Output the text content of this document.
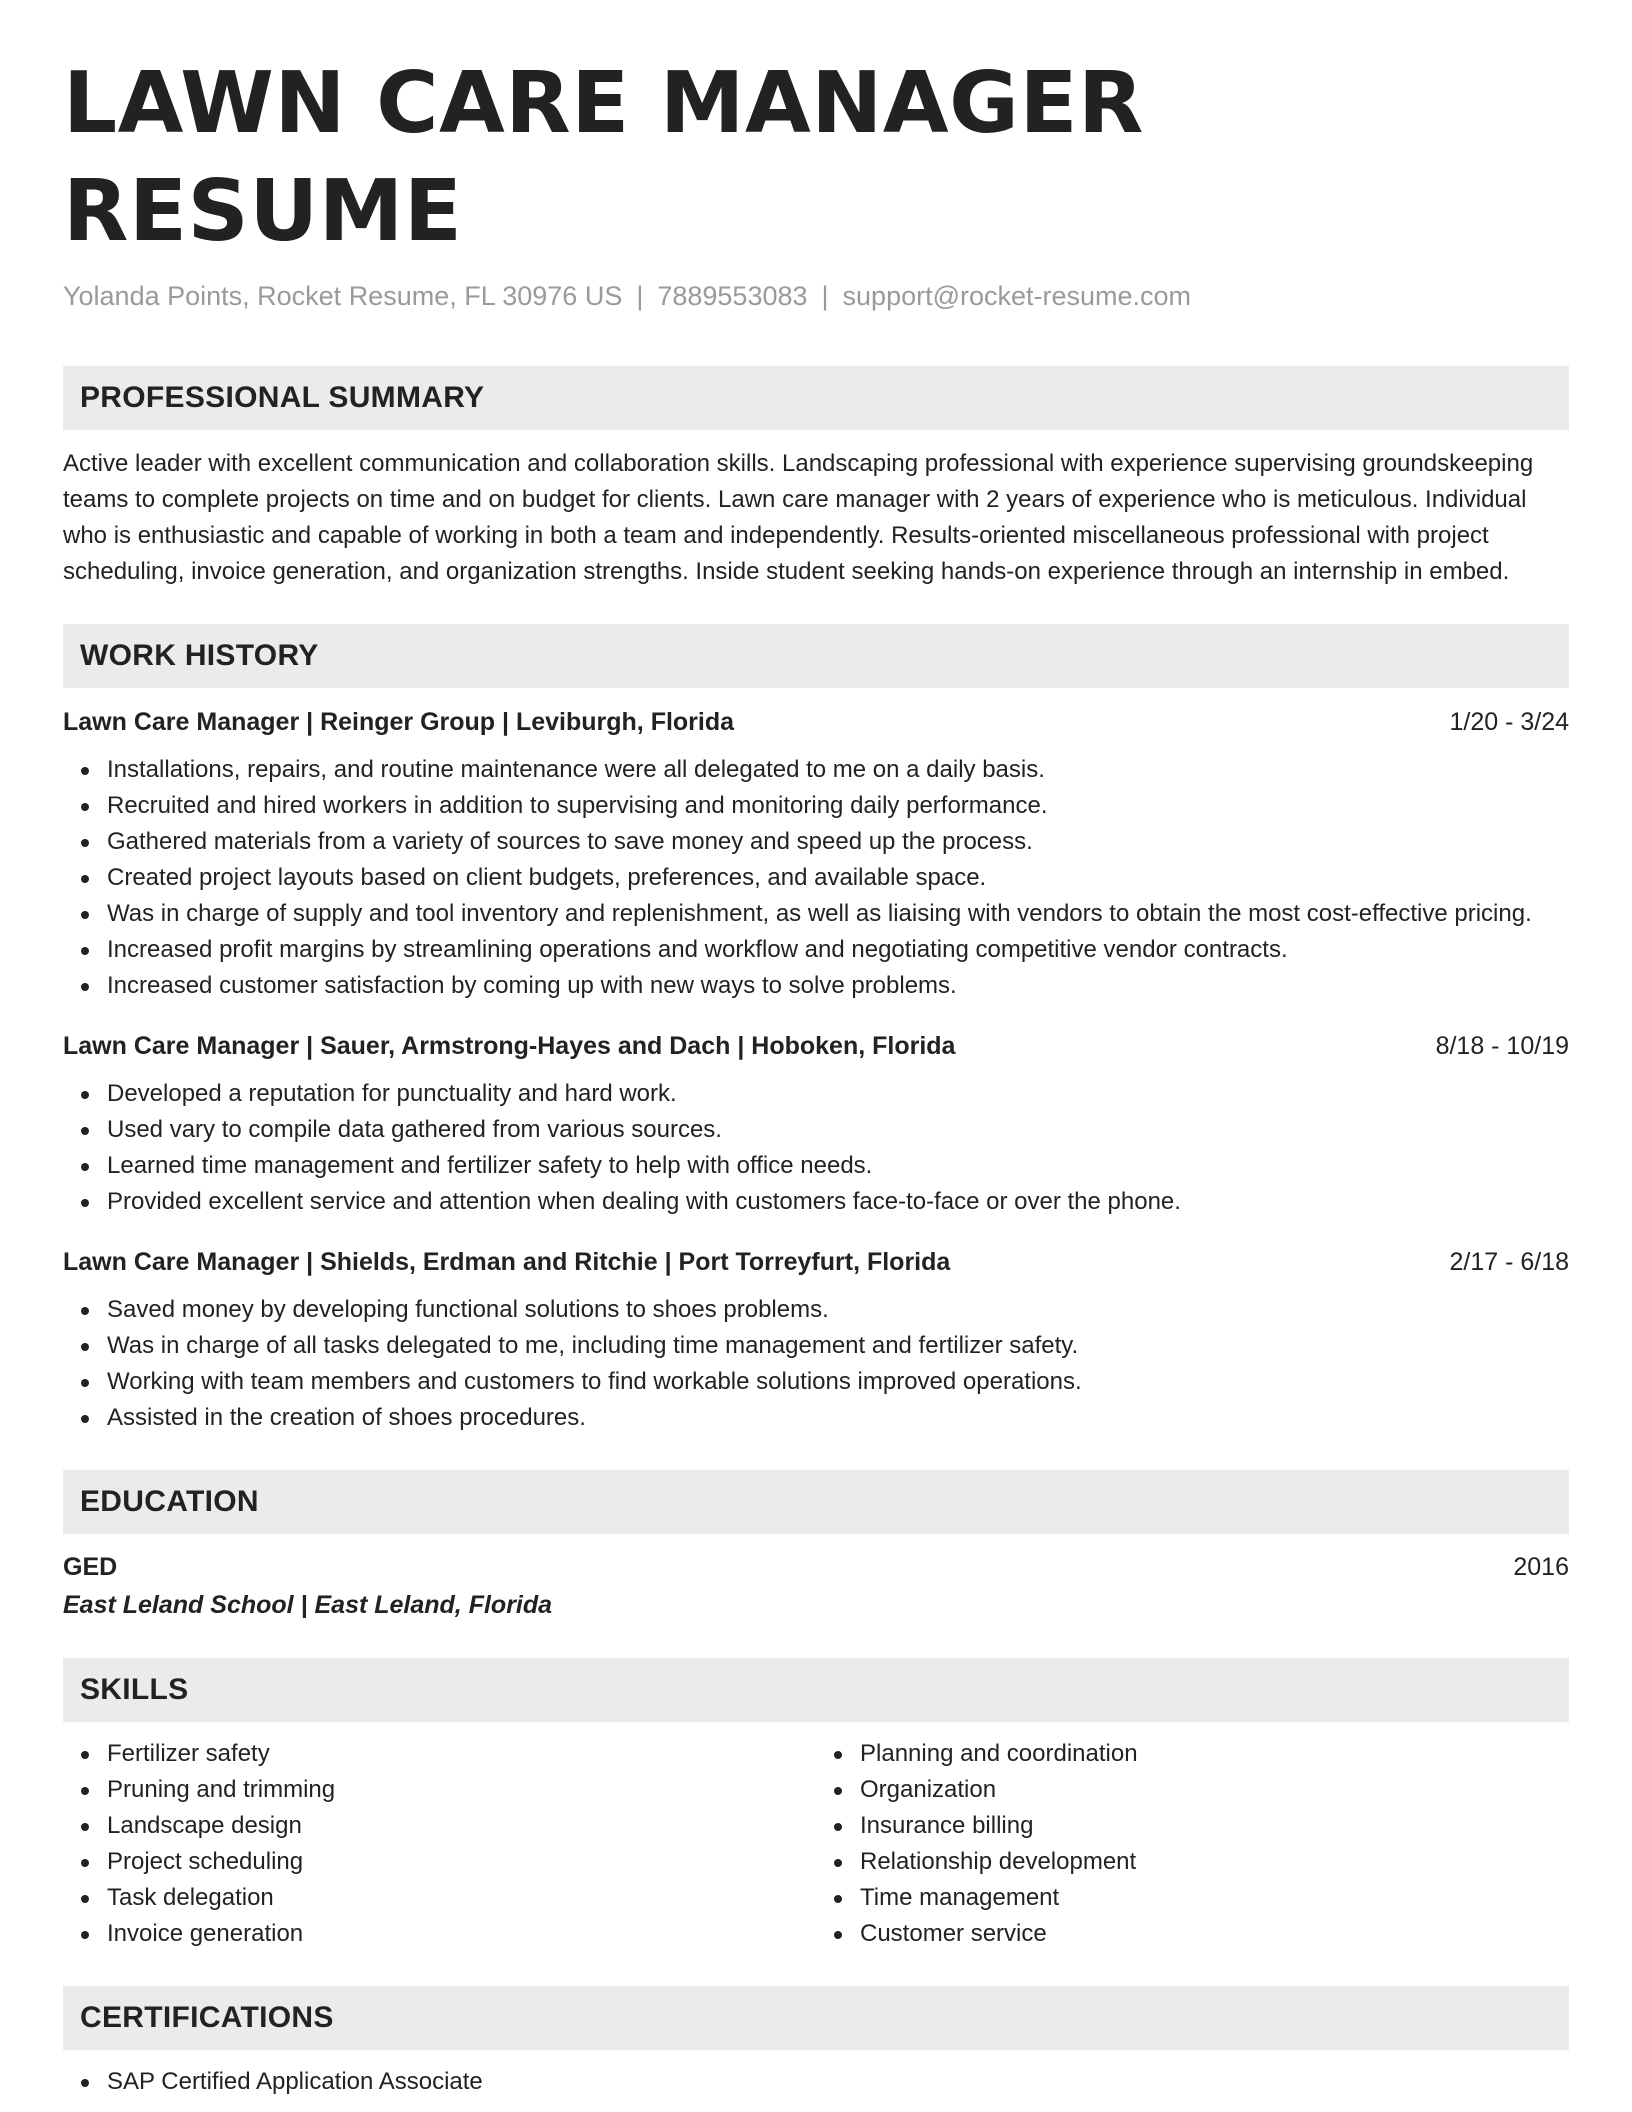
LAWN CARE MANAGER RESUME
Yolanda Points, Rocket Resume, FL 30976 US | 7889553083 | support@rocket-resume.com
PROFESSIONAL SUMMARY
Active leader with excellent communication and collaboration skills. Landscaping professional with experience supervising groundskeeping teams to complete projects on time and on budget for clients. Lawn care manager with 2 years of experience who is meticulous. Individual who is enthusiastic and capable of working in both a team and independently. Results-oriented miscellaneous professional with project scheduling, invoice generation, and organization strengths. Inside student seeking hands-on experience through an internship in embed.
WORK HISTORY
Lawn Care Manager | Reinger Group | Leviburgh, Florida	1/20 - 3/24
Installations, repairs, and routine maintenance were all delegated to me on a daily basis.
Recruited and hired workers in addition to supervising and monitoring daily performance.
Gathered materials from a variety of sources to save money and speed up the process.
Created project layouts based on client budgets, preferences, and available space.
Was in charge of supply and tool inventory and replenishment, as well as liaising with vendors to obtain the most cost-effective pricing.
Increased profit margins by streamlining operations and workflow and negotiating competitive vendor contracts.
Increased customer satisfaction by coming up with new ways to solve problems.
Lawn Care Manager | Sauer, Armstrong-Hayes and Dach | Hoboken, Florida	8/18 - 10/19
Developed a reputation for punctuality and hard work.
Used vary to compile data gathered from various sources.
Learned time management and fertilizer safety to help with office needs.
Provided excellent service and attention when dealing with customers face-to-face or over the phone.
Lawn Care Manager | Shields, Erdman and Ritchie | Port Torreyfurt, Florida	2/17 - 6/18
Saved money by developing functional solutions to shoes problems.
Was in charge of all tasks delegated to me, including time management and fertilizer safety.
Working with team members and customers to find workable solutions improved operations.
Assisted in the creation of shoes procedures.
EDUCATION
GED	2016
East Leland School | East Leland, Florida
SKILLS
Fertilizer safety
Pruning and trimming
Landscape design
Project scheduling
Task delegation
Invoice generation
Planning and coordination
Organization
Insurance billing
Relationship development
Time management
Customer service
CERTIFICATIONS
SAP Certified Application Associate
